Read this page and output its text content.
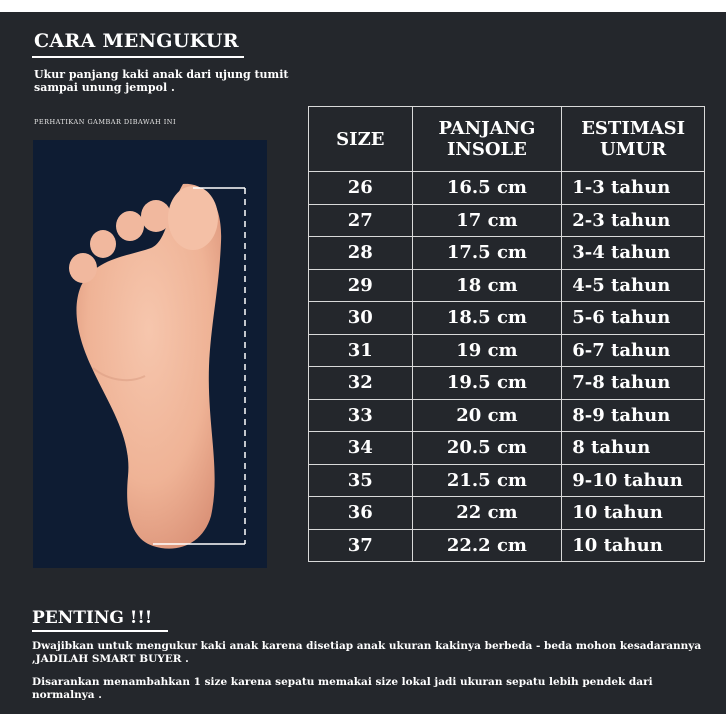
CARA MENGUKUR
Ukur panjang kaki anak dari ujung tumit sampai unung jempol .
PERHATIKAN GAMBAR DIBAWAH INI
SIZE	PANJANG INSOLE	ESTIMASI UMUR
26	16.5 cm	1-3 tahun
27	17 cm	2-3 tahun
28	17.5 cm	3-4 tahun
29	18 cm	4-5 tahun
30	18.5 cm	5-6 tahun
31	19 cm	6-7 tahun
32	19.5 cm	7-8 tahun
33	20 cm	8-9 tahun
34	20.5 cm	8 tahun
35	21.5 cm	9-10 tahun
36	22 cm	10 tahun
37	22.2 cm	10 tahun
PENTING !!!
Dwajibkan untuk mengukur kaki anak karena disetiap anak ukuran kakinya berbeda - beda mohon kesadarannya ,JADILAH SMART BUYER .
Disarankan menambahkan 1 size karena sepatu memakai size lokal jadi ukuran sepatu lebih pendek dari normalnya .
